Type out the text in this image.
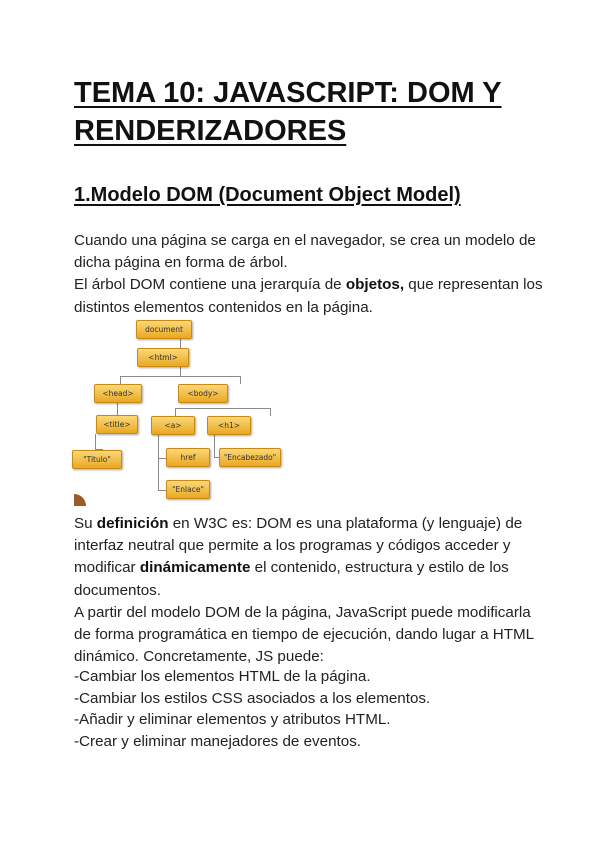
TEMA 10: JAVASCRIPT: DOM Y RENDERIZADORES
1.Modelo DOM (Document Object Model)

Cuando una página se carga en el navegador, se crea un modelo de dicha página en forma de árbol.
El árbol DOM contiene una jerarquía de objetos, que representan los distintos elementos contenidos en la página.

document
<html>
<head>	<body>
<title>	<a>	<h1>
"Titulo"	href	"Encabezado"
"Enlace"

Su definición en W3C es: DOM es una plataforma (y lenguaje) de interfaz neutral que permite a los programas y códigos acceder y modificar dinámicamente el contenido, estructura y estilo de los documentos.
A partir del modelo DOM de la página, JavaScript puede modificarla de forma programática en tiempo de ejecución, dando lugar a HTML dinámico. Concretamente, JS puede:

-Cambiar los elementos HTML de la página.
-Cambiar los estilos CSS asociados a los elementos.
-Añadir y eliminar elementos y atributos HTML.
-Crear y eliminar manejadores de eventos.
